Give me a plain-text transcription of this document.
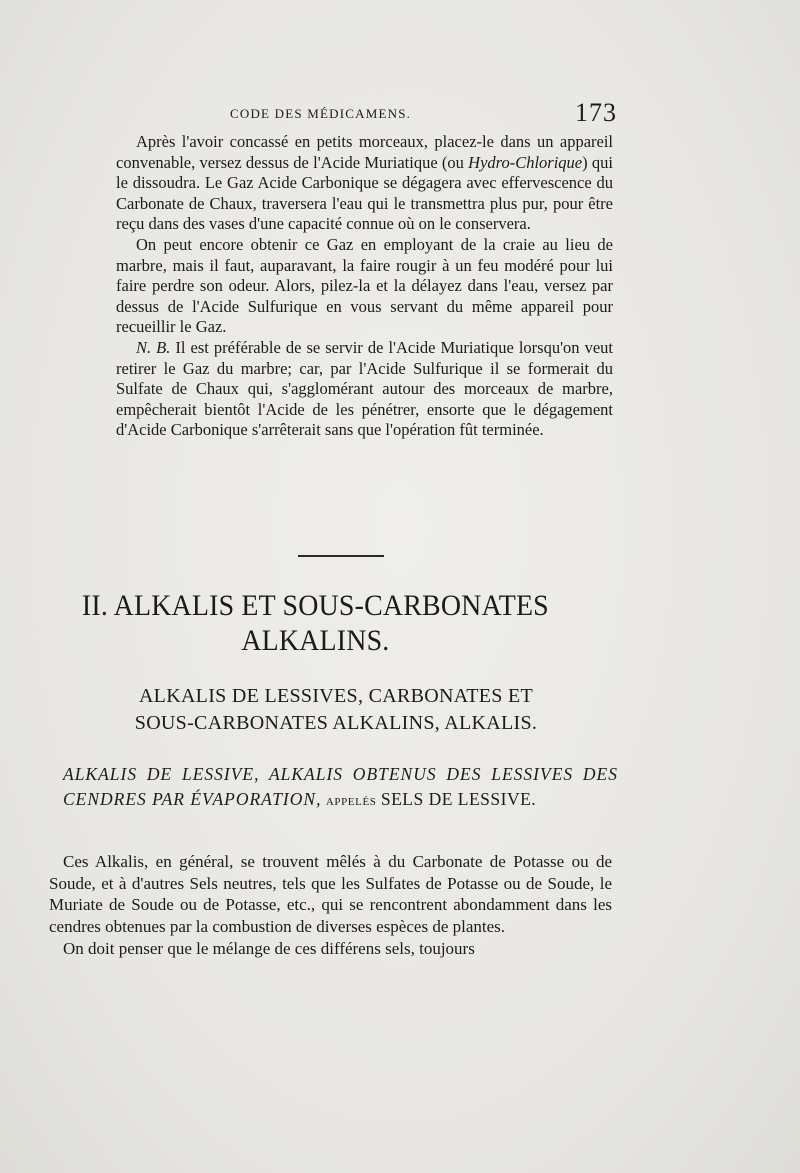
CODE DES MÉDICAMENS.	173

Après l'avoir concassé en petits morceaux, placez-le dans un appareil convenable, versez dessus de l'Acide Muriatique (ou Hydro-Chlorique) qui le dissoudra. Le Gaz Acide Carbonique se dégagera avec effervescence du Carbonate de Chaux, traversera l'eau qui le transmettra plus pur, pour être reçu dans des vases d'une capacité connue où on le conservera.

On peut encore obtenir ce Gaz en employant de la craie au lieu de marbre, mais il faut, auparavant, la faire rougir à un feu modéré pour lui faire perdre son odeur. Alors, pilez-la et la délayez dans l'eau, versez par dessus de l'Acide Sulfurique en vous servant du même appareil pour recueillir le Gaz.

N. B. Il est préférable de se servir de l'Acide Muriatique lorsqu'on veut retirer le Gaz du marbre; car, par l'Acide Sulfurique il se formerait du Sulfate de Chaux qui, s'agglomérant autour des morceaux de marbre, empêcherait bientôt l'Acide de les pénétrer, ensorte que le dégagement d'Acide Carbonique s'arrêterait sans que l'opération fût terminée.

II. ALKALIS ET SOUS-CARBONATES
ALKALINS.
ALKALIS DE LESSIVES, CARBONATES ET
SOUS-CARBONATES ALKALINS, ALKALIS.
ALKALIS DE LESSIVE, ALKALIS OBTENUS DES LESSIVES DES CENDRES PAR ÉVAPORATION, APPELÉS SELS DE LESSIVE.

Ces Alkalis, en général, se trouvent mêlés à du Carbonate de Potasse ou de Soude, et à d'autres Sels neutres, tels que les Sulfates de Potasse ou de Soude, le Muriate de Soude ou de Potasse, etc., qui se rencontrent abondamment dans les cendres obtenues par la combustion de diverses espèces de plantes.

On doit penser que le mélange de ces différens sels, toujours
